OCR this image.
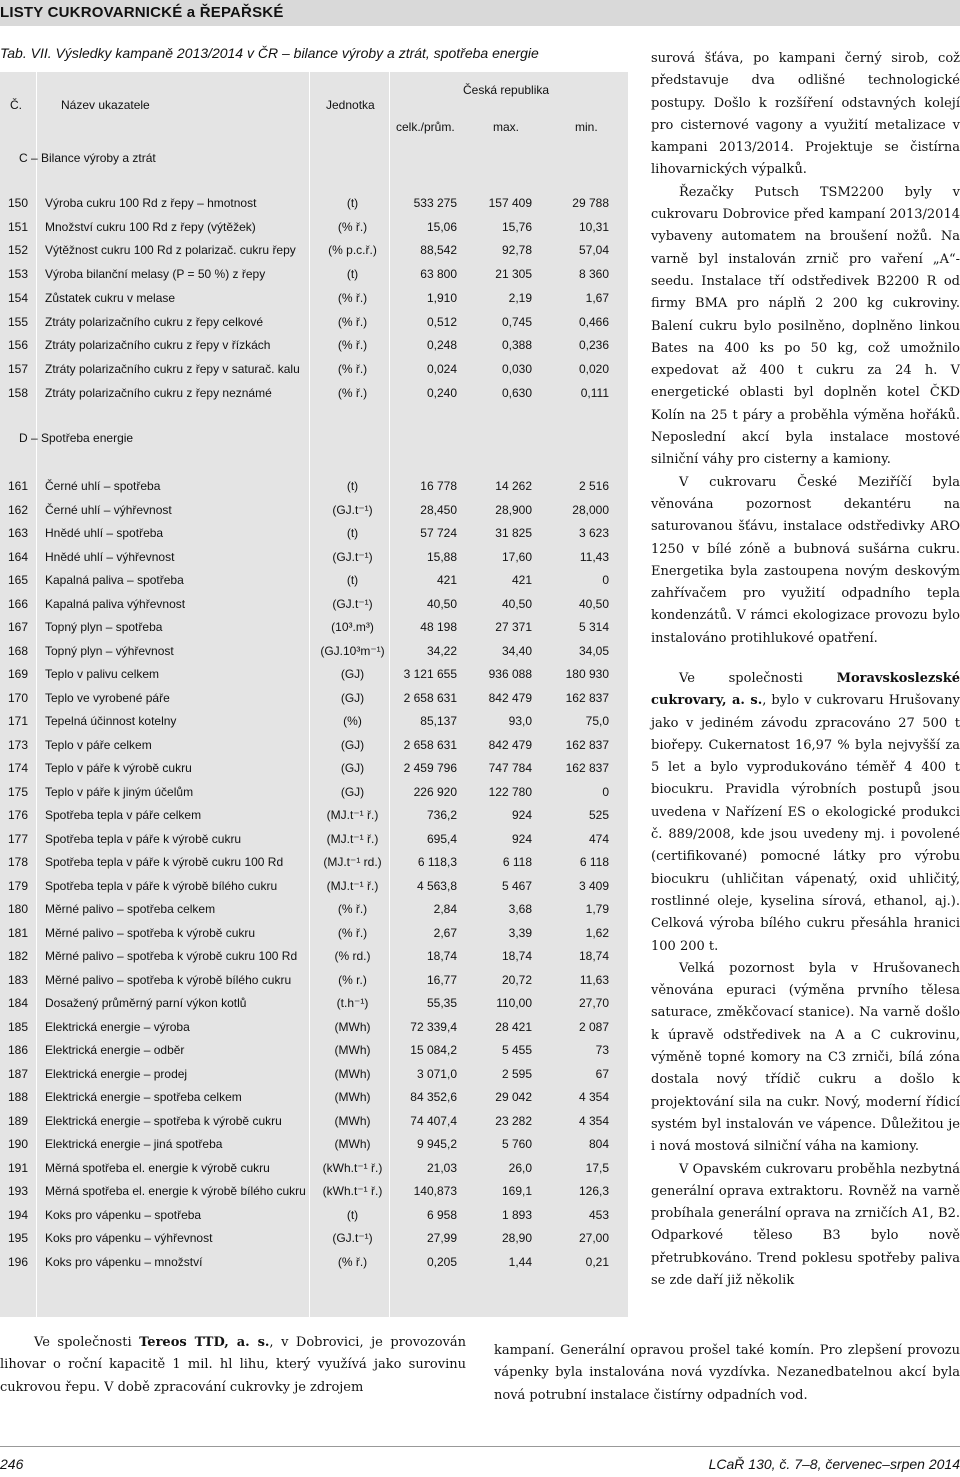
LISTY CUKROVARNICKÉ a ŘEPAŘSKÉ
Tab. VII. Výsledky kampaně 2013/2014 v ČR – bilance výroby a ztrát, spotřeba energie
Č.	Název ukazatele	Jednotka
Česká republika
celk./prům.	max.	min.
C – Bilance výroby a ztrát
150 Výroba cukru 100 Rd z řepy – hmotnost	(t)	533 275	157 409	29 788
151 Množství cukru 100 Rd z řepy (výtěžek)	(% ř.)	15,06	15,76	10,31
152 Výtěžnost cukru 100 Rd z polarizač. cukru řepy	(% p.c.ř.)	88,542	92,78	57,04
153 Výroba bilanční melasy (P = 50 %) z řepy	(t)	63 800	21 305	8 360
154 Zůstatek cukru v melase	(% ř.)	1,910	2,19	1,67
155 Ztráty polarizačního cukru z řepy celkové	(% ř.)	0,512	0,745	0,466
156 Ztráty polarizačního cukru z řepy v řízkách	(% ř.)	0,248	0,388	0,236
157 Ztráty polarizačního cukru z řepy v saturač. kalu	(% ř.)	0,024	0,030	0,020
158 Ztráty polarizačního cukru z řepy neznámé	(% ř.)	0,240	0,630	0,111
D – Spotřeba energie
161 Černé uhlí – spotřeba	(t)	16 778	14 262	2 516
162 Černé uhlí – výhřevnost	(GJ.t⁻¹)	28,450	28,900	28,000
163 Hnědé uhlí – spotřeba	(t)	57 724	31 825	3 623
164 Hnědé uhlí – výhřevnost	(GJ.t⁻¹)	15,88	17,60	11,43
165 Kapalná paliva – spotřeba	(t)	421	421	0
166 Kapalná paliva výhřevnost	(GJ.t⁻¹)	40,50	40,50	40,50
167 Topný plyn – spotřeba	(10³.m³)	48 198	27 371	5 314
168 Topný plyn – výhřevnost	(GJ.10³m⁻¹)	34,22	34,40	34,05
169 Teplo v palivu celkem	(GJ)	3 121 655	936 088	180 930
170 Teplo ve vyrobené páře	(GJ)	2 658 631	842 479	162 837
171 Tepelná účinnost kotelny	(%)	85,137	93,0	75,0
173 Teplo v páře celkem	(GJ)	2 658 631	842 479	162 837
174 Teplo v páře k výrobě cukru	(GJ)	2 459 796	747 784	162 837
175 Teplo v páře k jiným účelům	(GJ)	226 920	122 780	0
176 Spotřeba tepla v páře celkem	(MJ.t⁻¹ ř.)	736,2	924	525
177 Spotřeba tepla v páře k výrobě cukru	(MJ.t⁻¹ ř.)	695,4	924	474
178 Spotřeba tepla v páře k výrobě cukru 100 Rd	(MJ.t⁻¹ rd.)	6 118,3	6 118	6 118
179 Spotřeba tepla v páře k výrobě bílého cukru	(MJ.t⁻¹ ř.)	4 563,8	5 467	3 409
180 Měrné palivo – spotřeba celkem	(% ř.)	2,84	3,68	1,79
181 Měrné palivo – spotřeba k výrobě cukru	(% ř.)	2,67	3,39	1,62
182 Měrné palivo – spotřeba k výrobě cukru 100 Rd	(% rd.)	18,74	18,74	18,74
183 Měrné palivo – spotřeba k výrobě bílého cukru	(% r.)	16,77	20,72	11,63
184 Dosažený průměrný parní výkon kotlů	(t.h⁻¹)	55,35	110,00	27,70
185 Elektrická energie – výroba	(MWh)	72 339,4	28 421	2 087
186 Elektrická energie – odběr	(MWh)	15 084,2	5 455	73
187 Elektrická energie – prodej	(MWh)	3 071,0	2 595	67
188 Elektrická energie – spotřeba celkem	(MWh)	84 352,6	29 042	4 354
189 Elektrická energie – spotřeba k výrobě cukru	(MWh)	74 407,4	23 282	4 354
190 Elektrická energie – jiná spotřeba	(MWh)	9 945,2	5 760	804
191 Měrná spotřeba el. energie k výrobě cukru	(kWh.t⁻¹ ř.)	21,03	26,0	17,5
193 Měrná spotřeba el. energie k výrobě bílého cukru	(kWh.t⁻¹ ř.)	140,873	169,1	126,3
194 Koks pro vápenku – spotřeba	(t)	6 958	1 893	453
195 Koks pro vápenku – výhřevnost	(GJ.t⁻¹)	27,99	28,90	27,00
196 Koks pro vápenku – množství	(% ř.)	0,205	1,44	0,21

surová šťáva, po kampani černý sirob, což představuje dva odlišné technologické postupy. Došlo k rozšíření odstavných kolejí pro cisternové vagony a využití metalizace v kampani 2013/2014. Projektuje se čistírna lihovarnických výpalků.

Řezačky Putsch TSM2200 byly v cukrovaru Dobrovice před kampaní 2013/2014 vybaveny automatem na broušení nožů. Na varně byl instalován zrnič pro vaření „A“- seedu. Instalace tří odstředivek B2200 R od firmy BMA pro náplň 2 200 kg cukroviny. Balení cukru bylo posilněno, doplněno linkou Bates na 400 ks po 50 kg, což umožnilo expedovat až 400 t cukru za 24 h. V energetické oblasti byl doplněn kotel ČKD Kolín na 25 t páry a proběhla výměna hořáků. Neposlední akcí byla instalace mostové silniční váhy pro cisterny a kamiony.

V cukrovaru České Meziříčí byla věnována pozornost dekantéru na saturovanou šťávu, instalace odstředivky ARO 1250 v bílé zóně a bubnová sušárna cukru. Energetika byla zastoupena novým deskovým zahřívačem pro využití odpadního tepla kondenzátů. V rámci ekologizace provozu bylo instalováno protihlukové opatření.

Ve společnosti Moravskoslezské cukrovary, a. s., bylo v cukrovaru Hrušovany jako v jediném závodu zpracováno 27 500 t biořepy. Cukernatost 16,97 % byla nejvyšší za 5 let a bylo vyprodukováno téměř 4 400 t biocukru. Pravidla výrobních postupů jsou uvedena v Nařízení ES o ekologické produkci č. 889/2008, kde jsou uvedeny mj. i povolené (certifikované) pomocné látky pro výrobu biocukru (uhličitan vápenatý, oxid uhličitý, rostlinné oleje, kyselina sírová, ethanol, aj.). Celková výroba bílého cukru přesáhla hranici 100 200 t.

Velká pozornost byla v Hrušovanech věnována epuraci (výměna prvního tělesa saturace, změkčovací stanice). Na varně došlo k úpravě odstředivek na A a C cukrovinu, výměně topné komory na C3 zrniči, bílá zóna dostala nový třídič cukru a došlo k projektování sila na cukr. Nový, moderní řídicí systém byl instalován ve vápence. Důležitou je i nová mostová silniční váha na kamiony.

V Opavském cukrovaru proběhla nezbytná generální oprava extraktoru. Rovněž na varně probíhala generální oprava na zrničích A1, B2. Odparkové těleso B3 bylo nově přetrubkováno. Trend poklesu spotřeby paliva se zde daří již několik

Ve společnosti Tereos TTD, a. s., v Dobrovici, je provozován lihovar o roční kapacitě 1 mil. hl lihu, který využívá jako surovinu cukrovou řepu. V době zpracování cukrovky je zdrojem

kampaní. Generální opravou prošel také komín. Pro zlepšení provozu vápenky byla instalována nová vyzdívka. Nezanedbatelnou akcí byla nová potrubní instalace čistírny odpadních vod.

246	LCaŘ 130, č. 7–8, červenec–srpen 2014
